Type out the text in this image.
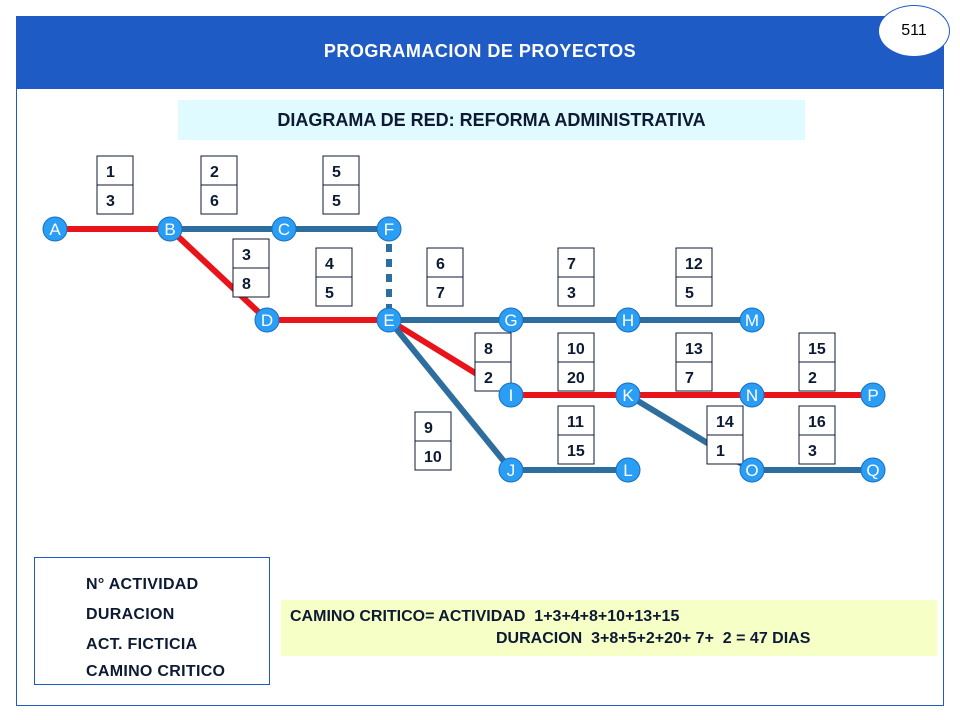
PROGRAMACION DE PROYECTOS
511
DIAGRAMA DE RED: REFORMA ADMINISTRATIVA
1
3
2
6
5
5
3
8
4
5
6
7
7
3
12
5
8
2
10
20
13
7
15
2
9
10
11
15
14
1
16
3
A	B	C	F
D	E	G	H	M
I	K	N	P
J	L	O	Q
N° ACTIVIDAD
DURACION
ACT. FICTICIA
CAMINO CRITICO
CAMINO CRITICO= ACTIVIDAD  1+3+4+8+10+13+15
DURACION  3+8+5+2+20+ 7+  2 = 47 DIAS
